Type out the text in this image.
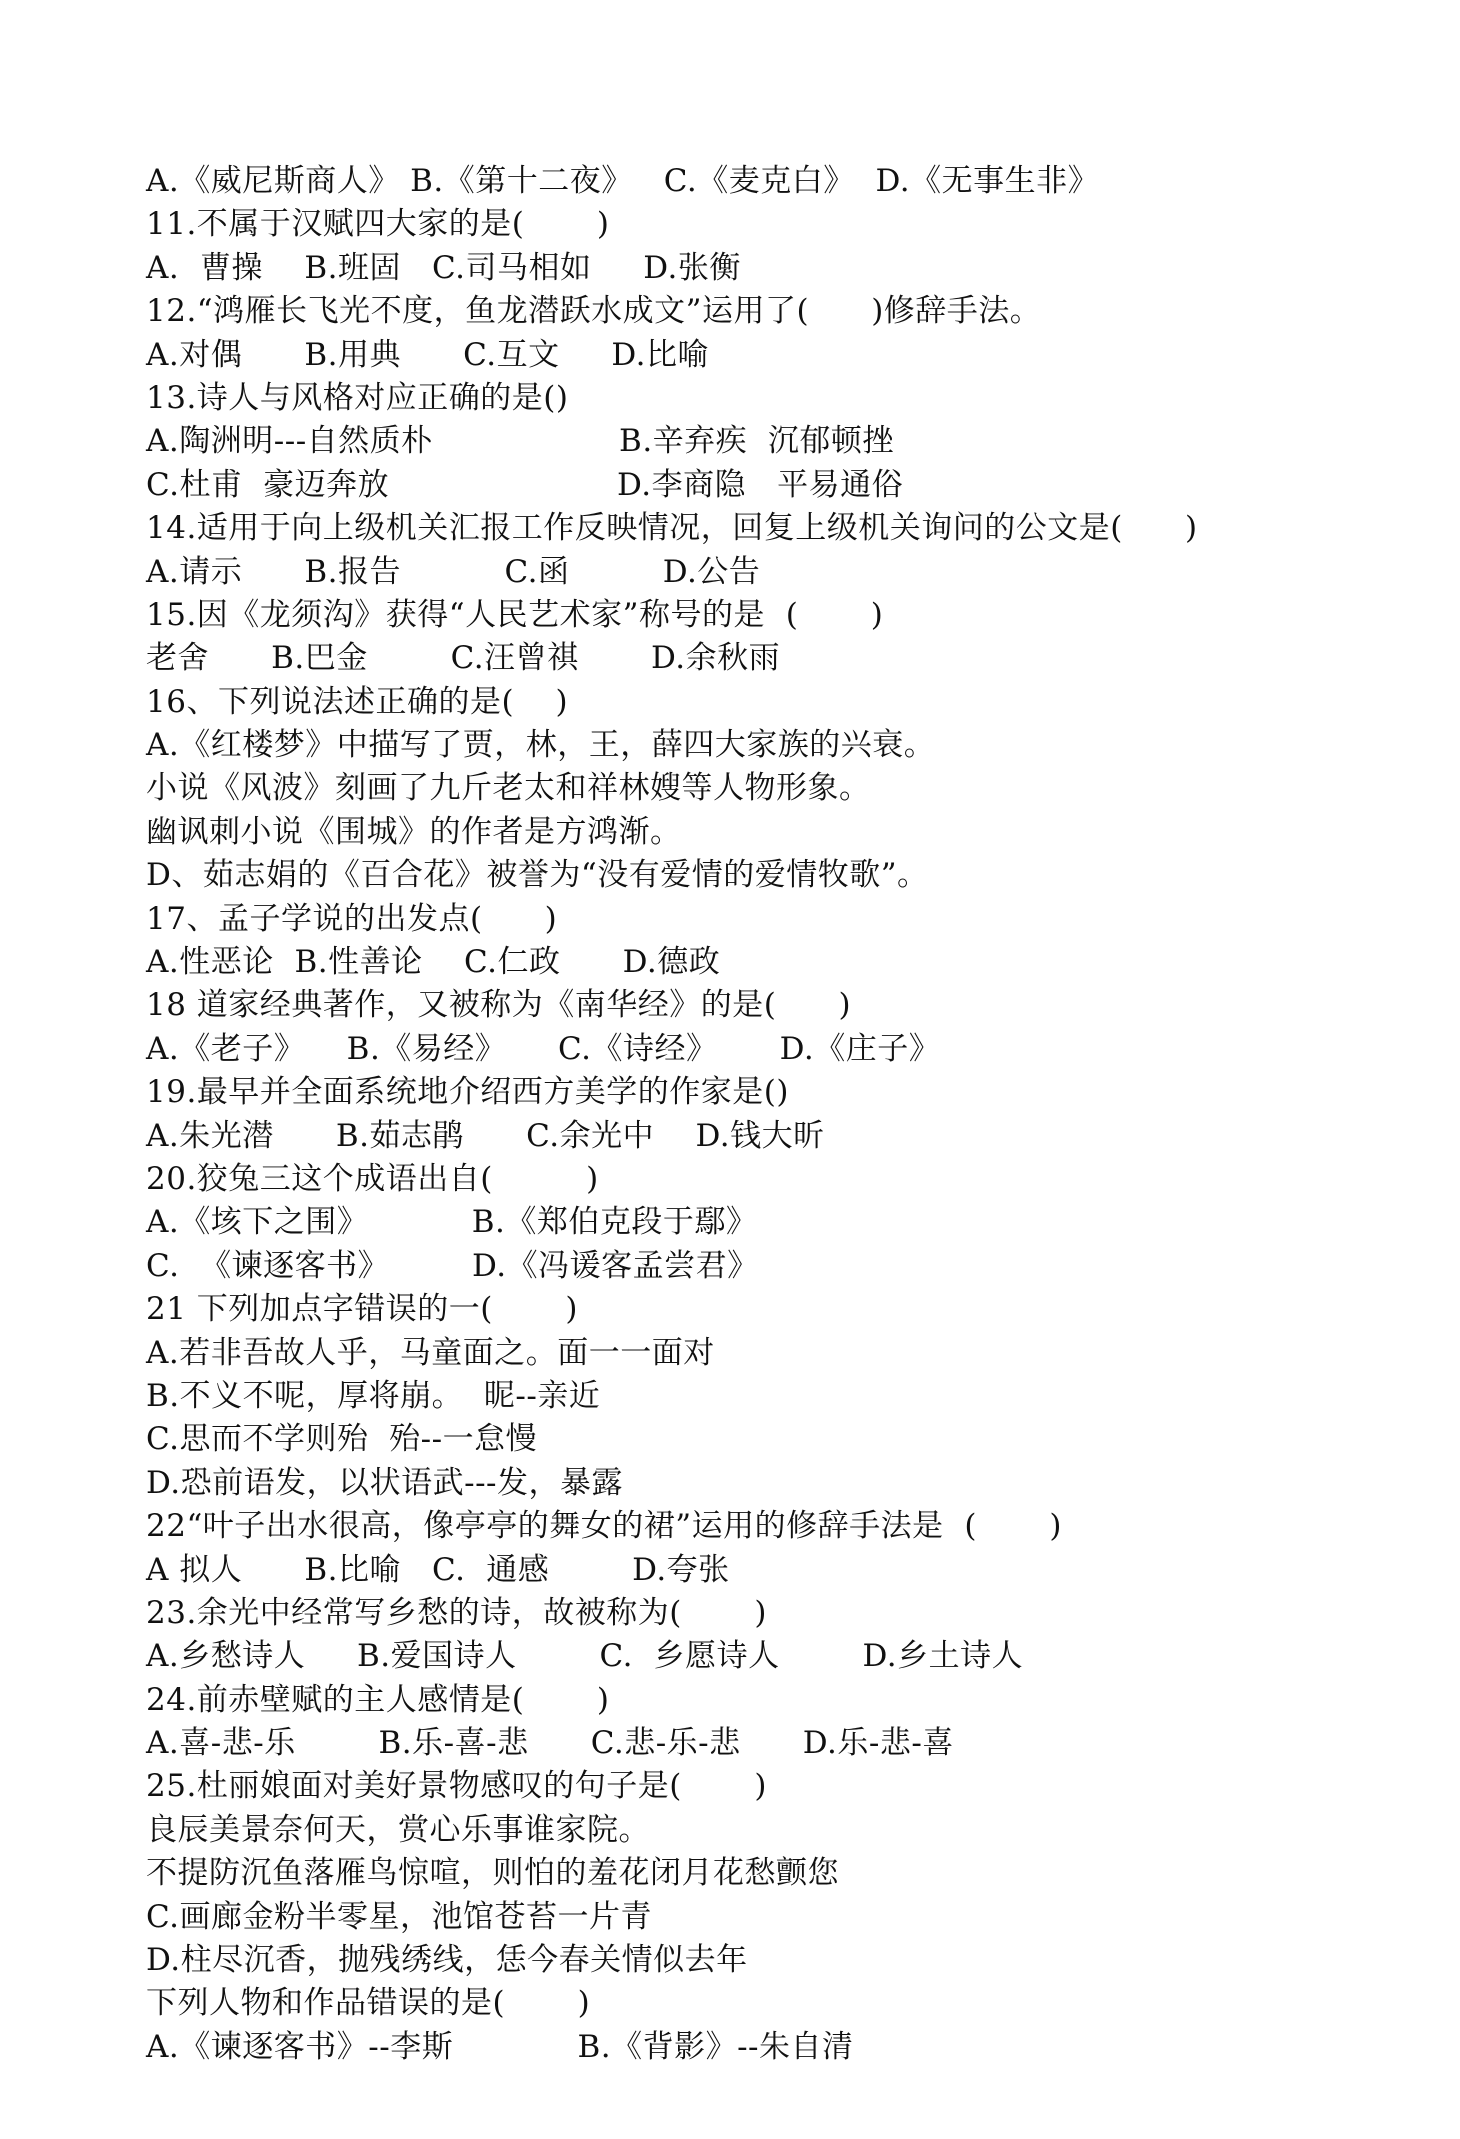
A.《威尼斯商人》 B.《第十二夜》   C.《麦克白》  D.《无事生非》
11.不属于汉赋四大家的是(       )
A.  曹操    B.班固   C.司马相如     D.张衡
12.“鸿雁长飞光不度，鱼龙潜跃水成文”运用了(      )修辞手法。
A.对偶      B.用典      C.互文     D.比喻
13.诗人与风格对应正确的是()
A.陶洲明---自然质朴                  B.辛弃疾  沉郁顿挫
C.杜甫  豪迈奔放                      D.李商隐   平易通俗
14.适用于向上级机关汇报工作反映情况，回复上级机关询问的公文是(      )
A.请示      B.报告          C.函         D.公告
15.因《龙须沟》获得“人民艺术家”称号的是  (       )
老舍      B.巴金        C.汪曾祺       D.余秋雨
16、下列说法述正确的是(    )
A.《红楼梦》中描写了贾，林，王，薛四大家族的兴衰。
小说《风波》刻画了九斤老太和祥林嫂等人物形象。
幽讽刺小说《围城》的作者是方鸿渐。
D、茹志娟的《百合花》被誉为“没有爱情的爱情牧歌”。
17、孟子学说的出发点(      )
A.性恶论  B.性善论    C.仁政      D.德政
18 道家经典著作，又被称为《南华经》的是(      )
A.《老子》    B.《易经》     C.《诗经》      D.《庄子》
19.最早并全面系统地介绍西方美学的作家是()
A.朱光潜      B.茹志鹃      C.余光中    D.钱大昕
20.狡兔三这个成语出自(         )
A.《垓下之围》          B.《郑伯克段于鄢》
C.  《谏逐客书》        D.《冯谖客孟尝君》
21 下列加点字错误的一(       )
A.若非吾故人乎，马童面之。面一一面对
B.不义不呢，厚将崩。  昵--亲近
C.思而不学则殆  殆--一怠慢
D.恐前语发，以状语武---发，暴露
22“叶子出水很高，像亭亭的舞女的裙”运用的修辞手法是  (       )
A 拟人      B.比喻   C.  通感        D.夸张
23.余光中经常写乡愁的诗，故被称为(       )
A.乡愁诗人     B.爱国诗人        C.  乡愿诗人        D.乡土诗人
24.前赤壁赋的主人感情是(       )
A.喜-悲-乐        B.乐-喜-悲      C.悲-乐-悲      D.乐-悲-喜
25.杜丽娘面对美好景物感叹的句子是(       )
良辰美景奈何天，赏心乐事谁家院。
不提防沉鱼落雁鸟惊喧，则怕的羞花闭月花愁颤您
C.画廊金粉半零星，池馆苍苔一片青
D.柱尽沉香，抛残绣线，恁今春关情似去年
下列人物和作品错误的是(       )
A.《谏逐客书》--李斯            B.《背影》--朱自清
